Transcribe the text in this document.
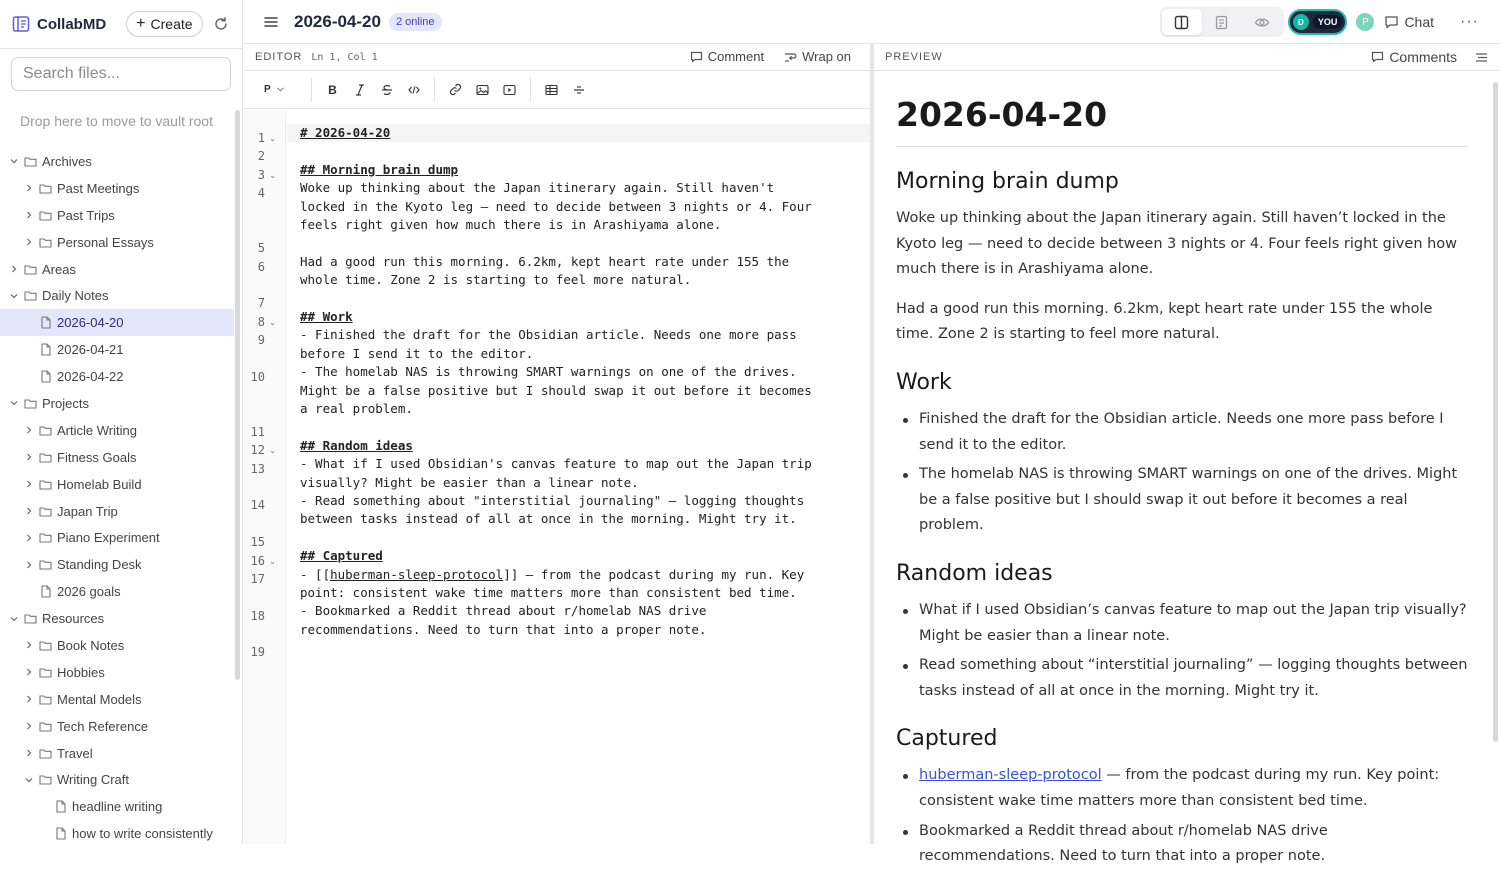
CollabMD + Create
Search files...
Drop here to move to vault root
Archives
Past Meetings
Past Trips
Personal Essays
Areas
Daily Notes
2026-04-20
2026-04-21
2026-04-22
Projects
Article Writing
Fitness Goals
Homelab Build
Japan Trip
Piano Experiment
Standing Desk
2026 goals
Resources
Book Notes
Hobbies
Mental Models
Tech Reference
Travel
Writing Craft
headline writing
how to write consistently
2026-04-20	2 online	D	YOU	P	Chat ···
EDITOR Ln 1, Col 1	Comment	Wrap on
P	B
1 ⌄
2
3 ⌄
4
5
6
7
8 ⌄
9
10
11
12 ⌄
13
14
15
16 ⌄
17
18
19
# 2026-04-20
## Morning brain dump
Woke up thinking about the Japan itinerary again. Still haven't
locked in the Kyoto leg — need to decide between 3 nights or 4. Four
feels right given how much there is in Arashiyama alone.
Had a good run this morning. 6.2km, kept heart rate under 155 the
whole time. Zone 2 is starting to feel more natural.
## Work
- Finished the draft for the Obsidian article. Needs one more pass
before I send it to the editor.
- The homelab NAS is throwing SMART warnings on one of the drives.
Might be a false positive but I should swap it out before it becomes
a real problem.
## Random ideas
- What if I used Obsidian's canvas feature to map out the Japan trip
visually? Might be easier than a linear note.
- Read something about "interstitial journaling" — logging thoughts
between tasks instead of all at once in the morning. Might try it.
## Captured
- [[huberman-sleep-protocol]] — from the podcast during my run. Key
point: consistent wake time matters more than consistent bed time.
- Bookmarked a Reddit thread about r/homelab NAS drive
recommendations. Need to turn that into a proper note.
PREVIEW	Comments
2026-04-20
Morning brain dump
Woke up thinking about the Japan itinerary again. Still haven’t locked in the Kyoto leg — need to decide between 3 nights or 4. Four feels right given how much there is in Arashiyama alone.
Had a good run this morning. 6.2km, kept heart rate under 155 the whole time. Zone 2 is starting to feel more natural.
Work
Finished the draft for the Obsidian article. Needs one more pass before I send it to the editor.
The homelab NAS is throwing SMART warnings on one of the drives. Might be a false positive but I should swap it out before it becomes a real problem.
Random ideas
What if I used Obsidian’s canvas feature to map out the Japan trip visually? Might be easier than a linear note.
Read something about “interstitial journaling” — logging thoughts between tasks instead of all at once in the morning. Might try it.
Captured
huberman-sleep-protocol — from the podcast during my run. Key point: consistent wake time matters more than consistent bed time.
Bookmarked a Reddit thread about r/homelab NAS drive recommendations. Need to turn that into a proper note.
